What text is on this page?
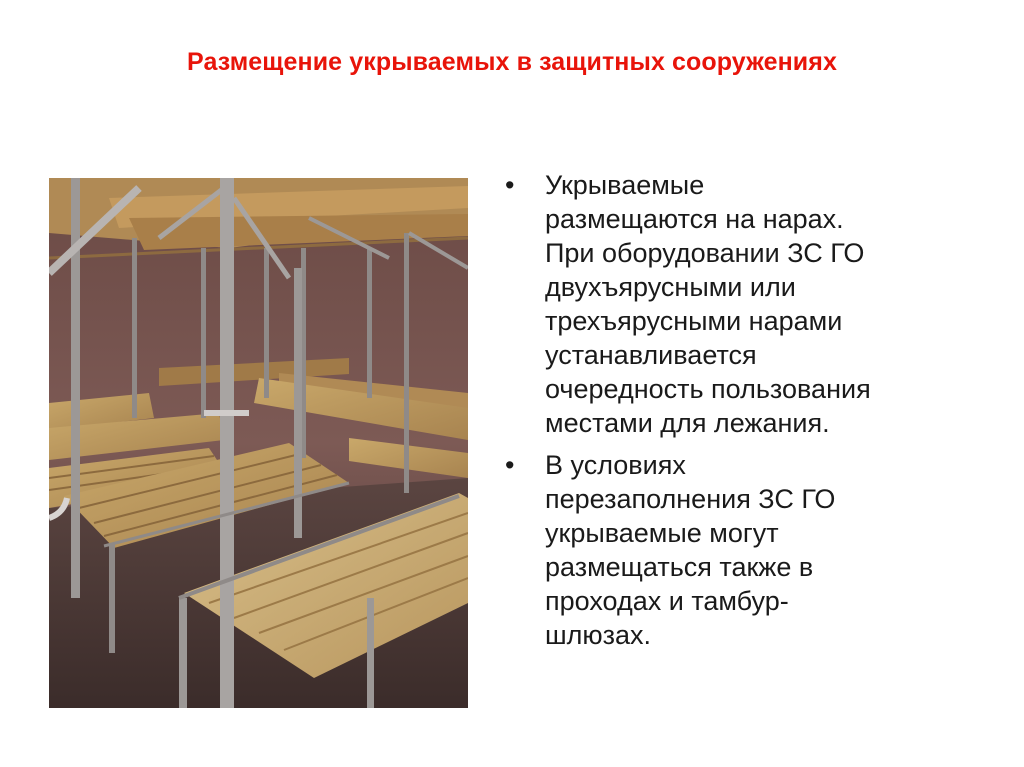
Размещение укрываемых в защитных сооружениях
• Укрываемые
размещаются на нарах.
При оборудовании ЗС ГО
двухъярусными или
трехъярусными нарами
устанавливается
очередность пользования
местами для лежания.
• В условиях
перезаполнения ЗС ГО
укрываемые могут
размещаться также в
проходах и тамбур-
шлюзах.
